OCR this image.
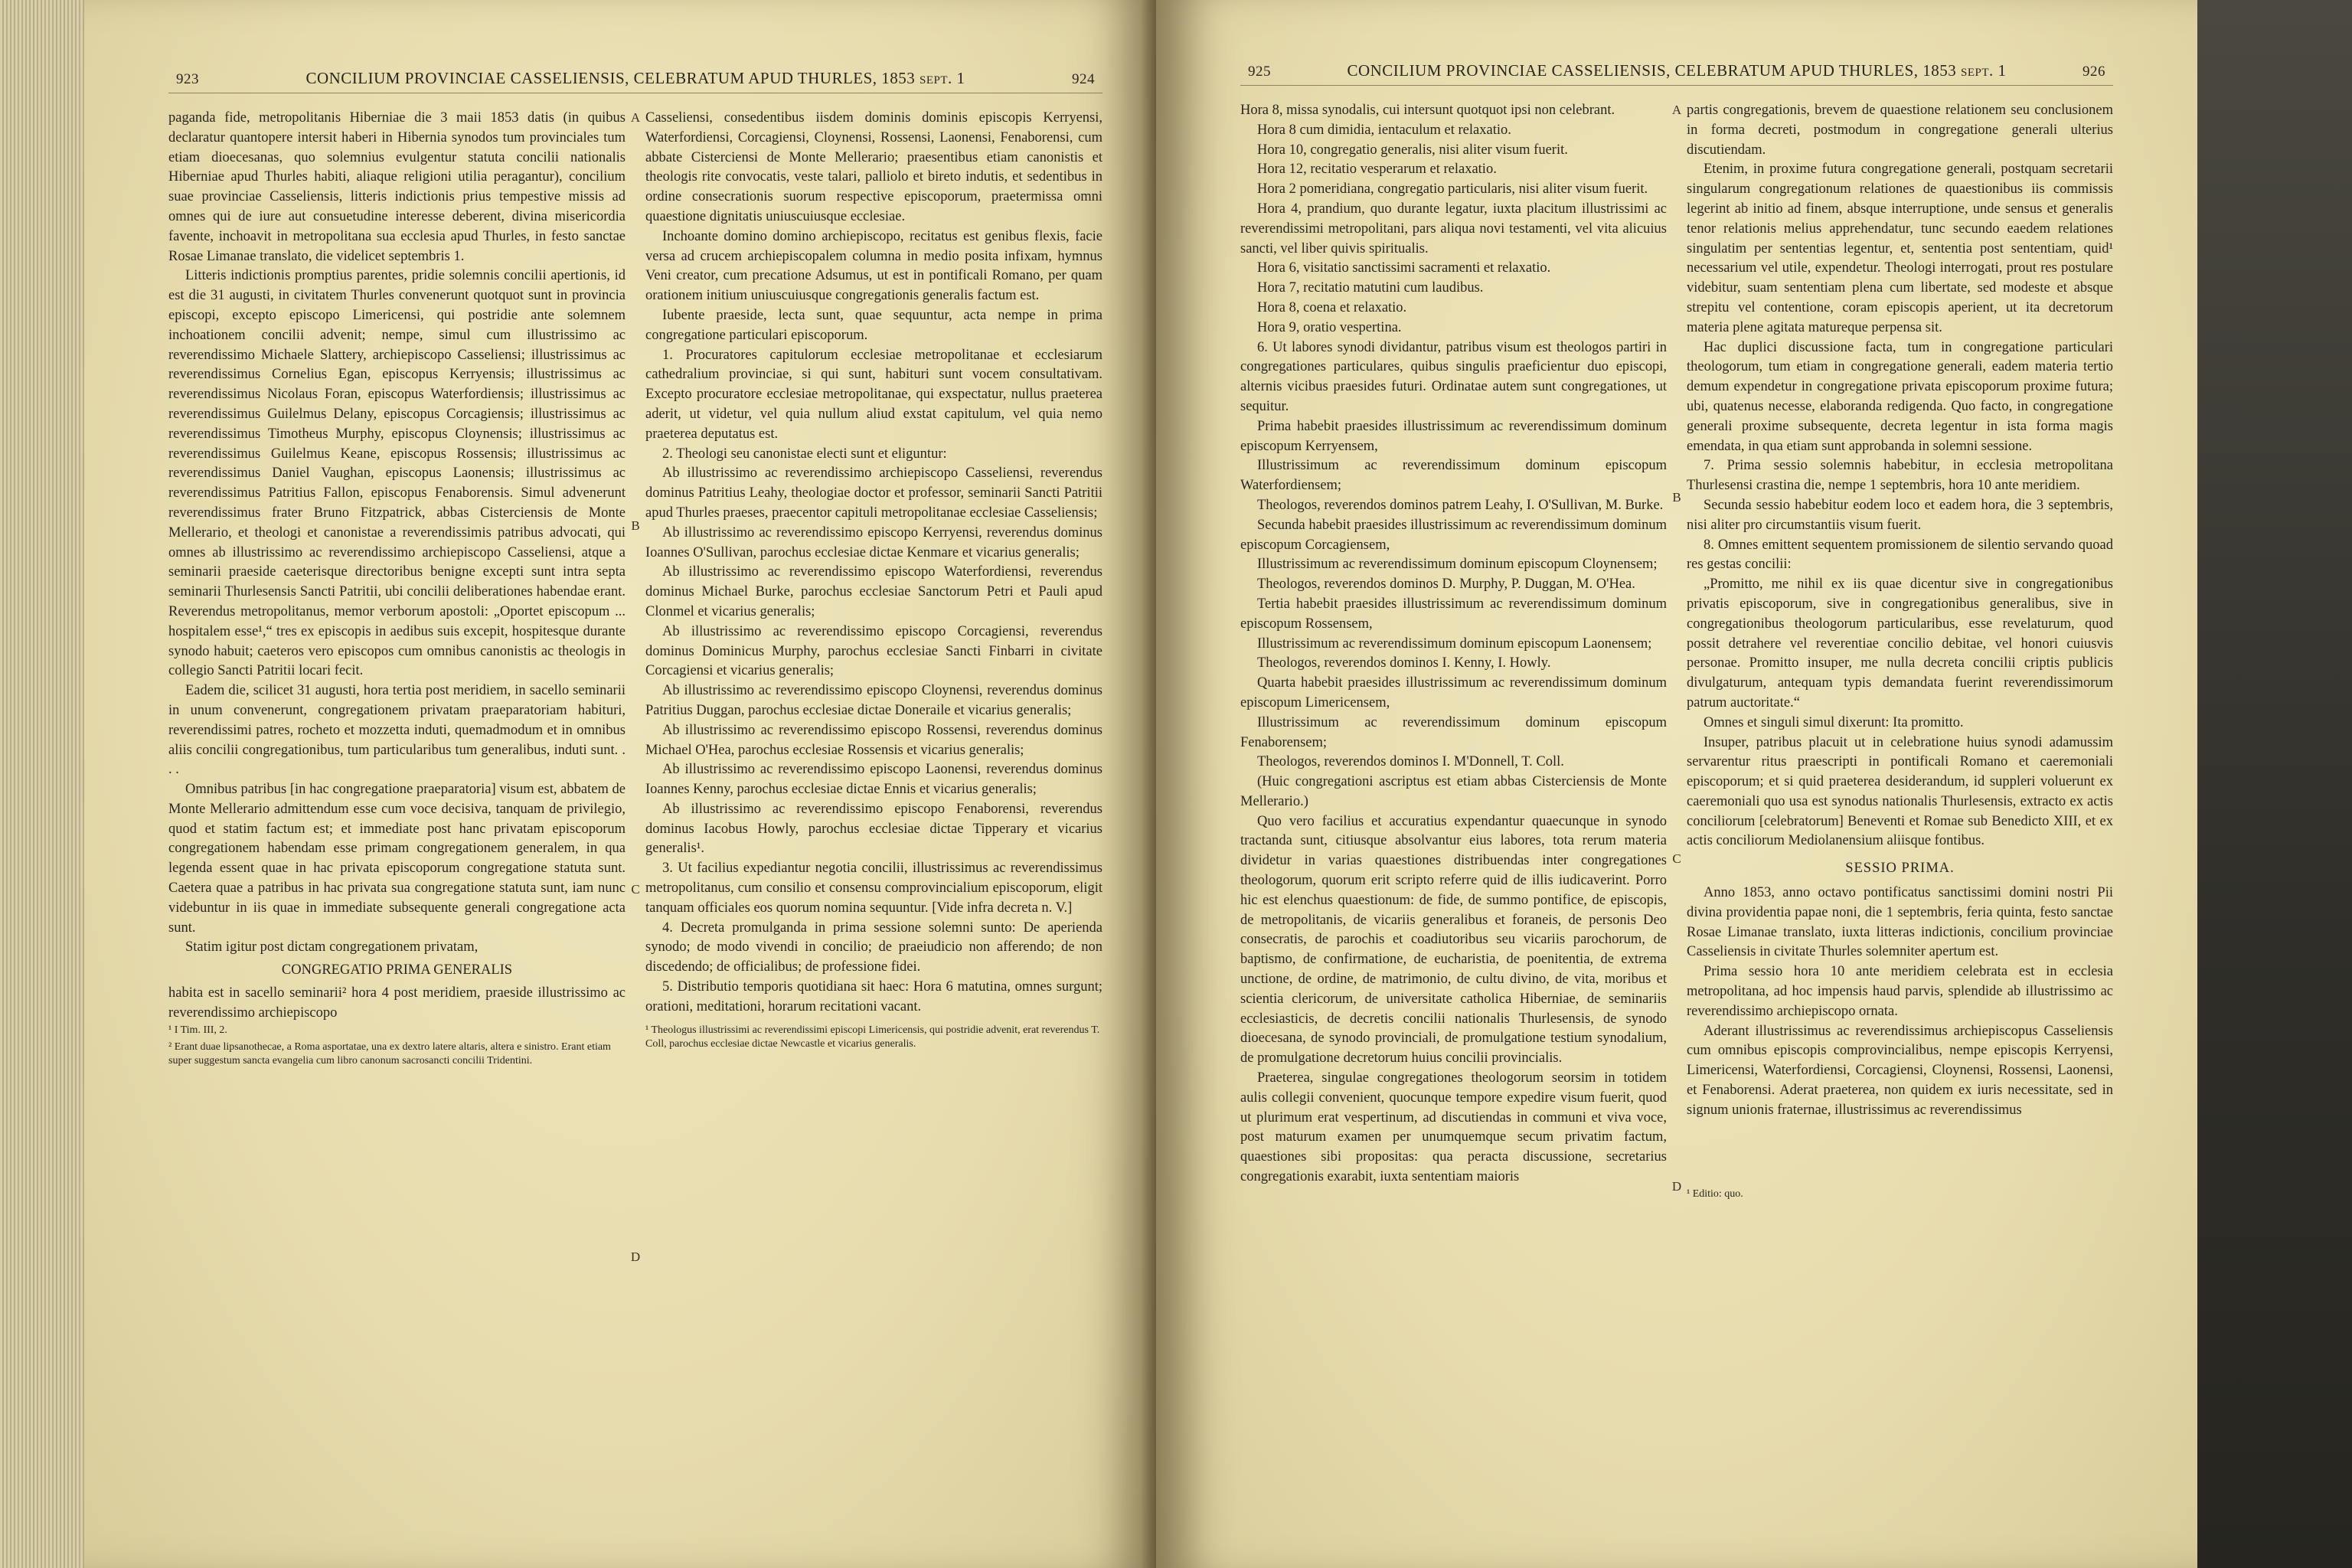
923	CONCILIUM PROVINCIAE CASSELIENSIS, CELEBRATUM APUD THURLES, 1853 sept. 1	924

paganda fide, metropolitanis Hiberniae die 3 maii 1853 datis (in quibus declaratur quantopere intersit haberi in Hibernia synodos tum provinciales tum etiam dioecesanas, quo solemnius evulgentur statuta concilii nationalis Hiberniae apud Thurles habiti, aliaque religioni utilia peragantur), concilium suae provinciae Casseliensis, litteris indictionis prius tempestive missis ad omnes qui de iure aut consuetudine interesse deberent, divina misericordia favente, inchoavit in metropolitana sua ecclesia apud Thurles, in festo sanctae Rosae Limanae translato, die videlicet septembris 1.

Litteris indictionis promptius parentes, pridie solemnis concilii apertionis, id est die 31 augusti, in civitatem Thurles convenerunt quotquot sunt in provincia episcopi, excepto episcopo Limericensi, qui postridie ante solemnem inchoationem concilii advenit; nempe, simul cum illustrissimo ac reverendissimo Michaele Slattery, archiepiscopo Casseliensi; illustrissimus ac reverendissimus Cornelius Egan, episcopus Kerryensis; illustrissimus ac reverendissimus Nicolaus Foran, episcopus Waterfordiensis; illustrissimus ac reverendissimus Guilelmus Delany, episcopus Corcagiensis; illustrissimus ac reverendissimus Timotheus Murphy, episcopus Cloynensis; illustrissimus ac reverendissimus Guilelmus Keane, episcopus Rossensis; illustrissimus ac reverendissimus Daniel Vaughan, episcopus Laonensis; illustrissimus ac reverendissimus Patritius Fallon, episcopus Fenaborensis. Simul advenerunt reverendissimus frater Bruno Fitzpatrick, abbas Cisterciensis de Monte Mellerario, et theologi et canonistae a reverendissimis patribus advocati, qui omnes ab illustrissimo ac reverendissimo archiepiscopo Casseliensi, atque a seminarii praeside caeterisque directoribus benigne excepti sunt intra septa seminarii Thurlesensis Sancti Patritii, ubi concilii deliberationes habendae erant. Reverendus metropolitanus, memor verborum apostoli: „Oportet episcopum ... hospitalem esse¹,“ tres ex episcopis in aedibus suis excepit, hospitesque durante synodo habuit; caeteros vero episcopos cum omnibus canonistis ac theologis in collegio Sancti Patritii locari fecit.

Eadem die, scilicet 31 augusti, hora tertia post meridiem, in sacello seminarii in unum convenerunt, congregationem privatam praeparatoriam habituri, reverendissimi patres, rocheto et mozzetta induti, quemadmodum et in omnibus aliis concilii congregationibus, tum particularibus tum generalibus, induti sunt. . . .

Omnibus patribus [in hac congregatione praeparatoria] visum est, abbatem de Monte Mellerario admittendum esse cum voce decisiva, tanquam de privilegio, quod et statim factum est; et immediate post hanc privatam episcoporum congregationem habendam esse primam congregationem generalem, in qua legenda essent quae in hac privata episcoporum congregatione statuta sunt. Caetera quae a patribus in hac privata sua congregatione statuta sunt, iam nunc videbuntur in iis quae in immediate subsequente generali congregatione acta sunt.

Statim igitur post dictam congregationem privatam,

CONGREGATIO PRIMA GENERALIS

habita est in sacello seminarii² hora 4 post meridiem, praeside illustrissimo ac reverendissimo archiepiscopo

A
B
C
D

Casseliensi, consedentibus iisdem dominis dominis episcopis Kerryensi, Waterfordiensi, Corcagiensi, Cloynensi, Rossensi, Laonensi, Fenaborensi, cum abbate Cisterciensi de Monte Mellerario; praesentibus etiam canonistis et theologis rite convocatis, veste talari, palliolo et bireto indutis, et sedentibus in ordine consecrationis suorum respective episcoporum, praetermissa omni quaestione dignitatis uniuscuiusque ecclesiae.

Inchoante domino domino archiepiscopo, recitatus est genibus flexis, facie versa ad crucem archiepiscopalem columna in medio posita infixam, hymnus Veni creator, cum precatione Adsumus, ut est in pontificali Romano, per quam orationem initium uniuscuiusque congregationis generalis factum est.

Iubente praeside, lecta sunt, quae sequuntur, acta nempe in prima congregatione particulari episcoporum.

1. Procuratores capitulorum ecclesiae metropolitanae et ecclesiarum cathedralium provinciae, si qui sunt, habituri sunt vocem consultativam. Excepto procuratore ecclesiae metropolitanae, qui exspectatur, nullus praeterea aderit, ut videtur, vel quia nullum aliud exstat capitulum, vel quia nemo praeterea deputatus est.

2. Theologi seu canonistae electi sunt et eliguntur:

Ab illustrissimo ac reverendissimo archiepiscopo Casseliensi, reverendus dominus Patritius Leahy, theologiae doctor et professor, seminarii Sancti Patritii apud Thurles praeses, praecentor capituli metropolitanae ecclesiae Casseliensis;

Ab illustrissimo ac reverendissimo episcopo Kerryensi, reverendus dominus Ioannes O'Sullivan, parochus ecclesiae dictae Kenmare et vicarius generalis;

Ab illustrissimo ac reverendissimo episcopo Waterfordiensi, reverendus dominus Michael Burke, parochus ecclesiae Sanctorum Petri et Pauli apud Clonmel et vicarius generalis;

Ab illustrissimo ac reverendissimo episcopo Corcagiensi, reverendus dominus Dominicus Murphy, parochus ecclesiae Sancti Finbarri in civitate Corcagiensi et vicarius generalis;

Ab illustrissimo ac reverendissimo episcopo Cloynensi, reverendus dominus Patritius Duggan, parochus ecclesiae dictae Doneraile et vicarius generalis;

Ab illustrissimo ac reverendissimo episcopo Rossensi, reverendus dominus Michael O'Hea, parochus ecclesiae Rossensis et vicarius generalis;

Ab illustrissimo ac reverendissimo episcopo Laonensi, reverendus dominus Ioannes Kenny, parochus ecclesiae dictae Ennis et vicarius generalis;

Ab illustrissimo ac reverendissimo episcopo Fenaborensi, reverendus dominus Iacobus Howly, parochus ecclesiae dictae Tipperary et vicarius generalis¹.

3. Ut facilius expediantur negotia concilii, illustrissimus ac reverendissimus metropolitanus, cum consilio et consensu comprovincialium episcoporum, eligit tanquam officiales eos quorum nomina sequuntur. [Vide infra decreta n. V.]

4. Decreta promulganda in prima sessione solemni sunto: De aperienda synodo; de modo vivendi in concilio; de praeiudicio non afferendo; de non discedendo; de officialibus; de professione fidei.

5. Distributio temporis quotidiana sit haec: Hora 6 matutina, omnes surgunt; orationi, meditationi, horarum recitationi vacant.

¹ I Tim. III, 2.

² Erant duae lipsanothecae, a Roma asportatae, una ex dextro latere altaris, altera e sinistro. Erant etiam super suggestum sancta evangelia cum libro canonum sacrosancti concilii Tridentini.

¹ Theologus illustrissimi ac reverendissimi episcopi Limericensis, qui postridie advenit, erat reverendus T. Coll, parochus ecclesiae dictae Newcastle et vicarius generalis.

925	CONCILIUM PROVINCIAE CASSELIENSIS, CELEBRATUM APUD THURLES, 1853 sept. 1	926

Hora 8, missa synodalis, cui intersunt quotquot ipsi non celebrant.

Hora 8 cum dimidia, ientaculum et relaxatio.

Hora 10, congregatio generalis, nisi aliter visum fuerit.

Hora 12, recitatio vesperarum et relaxatio.

Hora 2 pomeridiana, congregatio particularis, nisi aliter visum fuerit.

Hora 4, prandium, quo durante legatur, iuxta placitum illustrissimi ac reverendissimi metropolitani, pars aliqua novi testamenti, vel vita alicuius sancti, vel liber quivis spiritualis.

Hora 6, visitatio sanctissimi sacramenti et relaxatio.

Hora 7, recitatio matutini cum laudibus.

Hora 8, coena et relaxatio.

Hora 9, oratio vespertina.

6. Ut labores synodi dividantur, patribus visum est theologos partiri in congregationes particulares, quibus singulis praeficientur duo episcopi, alternis vicibus praesides futuri. Ordinatae autem sunt congregationes, ut sequitur.

Prima habebit praesides illustrissimum ac reverendissimum dominum episcopum Kerryensem,

Illustrissimum ac reverendissimum dominum episcopum Waterfordiensem;

Theologos, reverendos dominos patrem Leahy, I. O'Sullivan, M. Burke.

Secunda habebit praesides illustrissimum ac reverendissimum dominum episcopum Corcagiensem,

Illustrissimum ac reverendissimum dominum episcopum Cloynensem;

Theologos, reverendos dominos D. Murphy, P. Duggan, M. O'Hea.

Tertia habebit praesides illustrissimum ac reverendissimum dominum episcopum Rossensem,

Illustrissimum ac reverendissimum dominum episcopum Laonensem;

Theologos, reverendos dominos I. Kenny, I. Howly.

Quarta habebit praesides illustrissimum ac reverendissimum dominum episcopum Limericensem,

Illustrissimum ac reverendissimum dominum episcopum Fenaborensem;

Theologos, reverendos dominos I. M'Donnell, T. Coll.

(Huic congregationi ascriptus est etiam abbas Cisterciensis de Monte Mellerario.)

Quo vero facilius et accuratius expendantur quaecunque in synodo tractanda sunt, citiusque absolvantur eius labores, tota rerum materia dividetur in varias quaestiones distribuendas inter congregationes theologorum, quorum erit scripto referre quid de illis iudicaverint. Porro hic est elenchus quaestionum: de fide, de summo pontifice, de episcopis, de metropolitanis, de vicariis generalibus et foraneis, de personis Deo consecratis, de parochis et coadiutoribus seu vicariis parochorum, de baptismo, de confirmatione, de eucharistia, de poenitentia, de extrema unctione, de ordine, de matrimonio, de cultu divino, de vita, moribus et scientia clericorum, de universitate catholica Hiberniae, de seminariis ecclesiasticis, de decretis concilii nationalis Thurlesensis, de synodo dioecesana, de synodo provinciali, de promulgatione testium synodalium, de promulgatione decretorum huius concilii provincialis.

Praeterea, singulae congregationes theologorum seorsim in totidem aulis collegii convenient, quocunque tempore expedire visum fuerit, quod ut plurimum erat vespertinum, ad discutiendas in communi et viva voce, post maturum examen per unumquemque secum privatim factum, quaestiones sibi propositas: qua peracta discussione, secretarius congregationis exarabit, iuxta sententiam maioris

A
B
C
D

partis congregationis, brevem de quaestione relationem seu conclusionem in forma decreti, postmodum in congregatione generali ulterius discutiendam.

Etenim, in proxime futura congregatione generali, postquam secretarii singularum congregationum relationes de quaestionibus iis commissis legerint ab initio ad finem, absque interruptione, unde sensus et generalis tenor relationis melius apprehendatur, tunc secundo eaedem relationes singulatim per sententias legentur, et, sententia post sententiam, quid¹ necessarium vel utile, expendetur. Theologi interrogati, prout res postulare videbitur, suam sententiam plena cum libertate, sed modeste et absque strepitu vel contentione, coram episcopis aperient, ut ita decretorum materia plene agitata matureque perpensa sit.

Hac duplici discussione facta, tum in congregatione particulari theologorum, tum etiam in congregatione generali, eadem materia tertio demum expendetur in congregatione privata episcoporum proxime futura; ubi, quatenus necesse, elaboranda redigenda. Quo facto, in congregatione generali proxime subsequente, decreta legentur in ista forma magis emendata, in qua etiam sunt approbanda in solemni sessione.

7. Prima sessio solemnis habebitur, in ecclesia metropolitana Thurlesensi crastina die, nempe 1 septembris, hora 10 ante meridiem.

Secunda sessio habebitur eodem loco et eadem hora, die 3 septembris, nisi aliter pro circumstantiis visum fuerit.

8. Omnes emittent sequentem promissionem de silentio servando quoad res gestas concilii:

„Promitto, me nihil ex iis quae dicentur sive in congregationibus privatis episcoporum, sive in congregationibus generalibus, sive in congregationibus theologorum particularibus, esse revelaturum, quod possit detrahere vel reverentiae concilio debitae, vel honori cuiusvis personae. Promitto insuper, me nulla decreta concilii criptis publicis divulgaturum, antequam typis demandata fuerint reverendissimorum patrum auctoritate.“

Omnes et singuli simul dixerunt: Ita promitto.

Insuper, patribus placuit ut in celebratione huius synodi adamussim servarentur ritus praescripti in pontificali Romano et caeremoniali episcoporum; et si quid praeterea desiderandum, id suppleri voluerunt ex caeremoniali quo usa est synodus nationalis Thurlesensis, extracto ex actis conciliorum [celebratorum] Beneventi et Romae sub Benedicto XIII, et ex actis conciliorum Mediolanensium aliisque fontibus.

SESSIO PRIMA.

Anno 1853, anno octavo pontificatus sanctissimi domini nostri Pii divina providentia papae noni, die 1 septembris, feria quinta, festo sanctae Rosae Limanae translato, iuxta litteras indictionis, concilium provinciae Casseliensis in civitate Thurles solemniter apertum est.

Prima sessio hora 10 ante meridiem celebrata est in ecclesia metropolitana, ad hoc impensis haud parvis, splendide ab illustrissimo ac reverendissimo archiepiscopo ornata.

Aderant illustrissimus ac reverendissimus archiepiscopus Casseliensis cum omnibus episcopis comprovincialibus, nempe episcopis Kerryensi, Limericensi, Waterfordiensi, Corcagiensi, Cloynensi, Rossensi, Laonensi, et Fenaborensi. Aderat praeterea, non quidem ex iuris necessitate, sed in signum unionis fraternae, illustrissimus ac reverendissimus

¹ Editio: quo.
